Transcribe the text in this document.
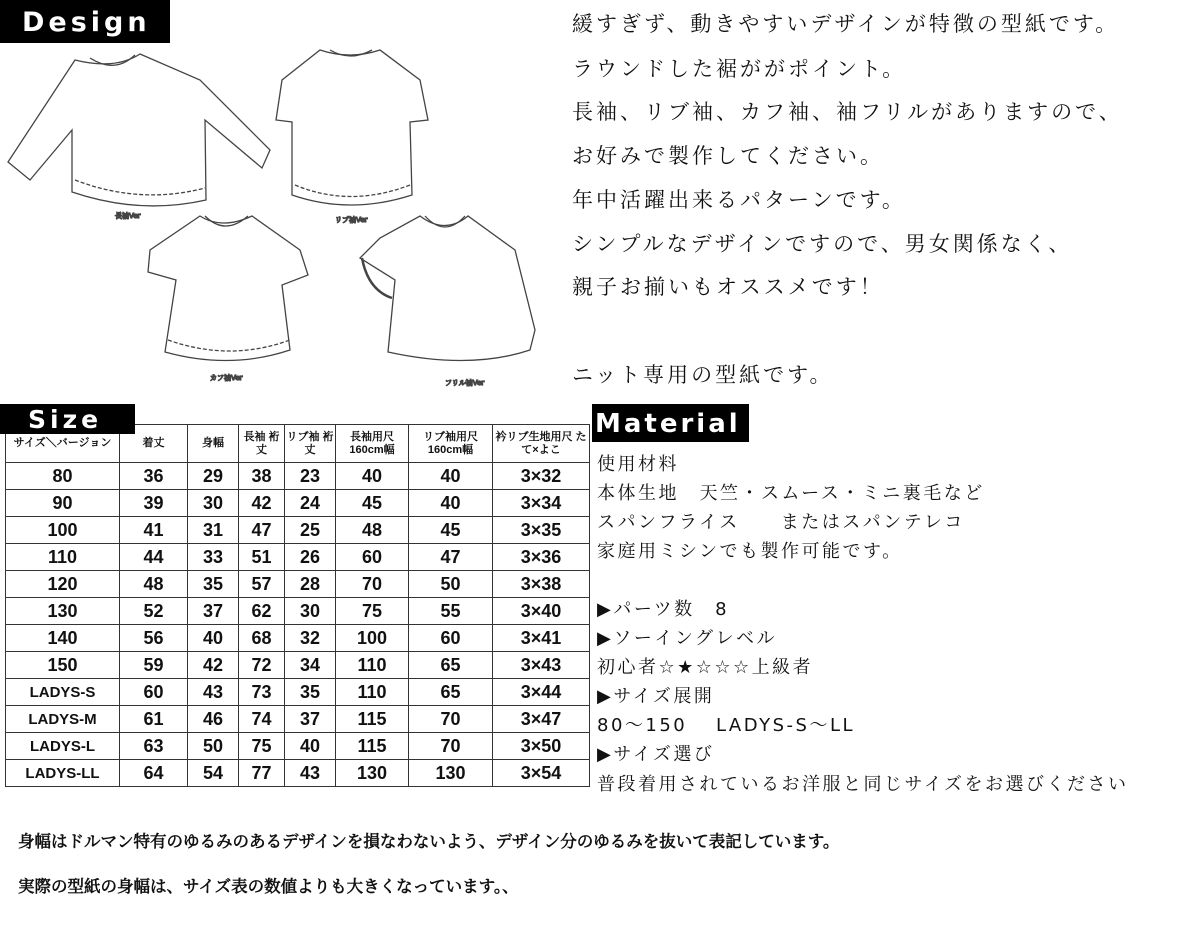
Design
長袖Ver	リブ袖Ver
カフ袖Ver
フリル袖Ver
緩すぎず、動きやすいデザインが特徴の型紙です。
ラウンドした裾ががポイント。
長袖、リブ袖、カフ袖、袖フリルがありますので、
お好みで製作してください。
年中活躍出来るパターンです。
シンプルなデザインですので、男女関係なく、
親子お揃いもオススメです！
ニット専用の型紙です。
Size
サイズ＼バージョン	着丈	身幅	長袖 裄丈	リブ袖 裄丈	長袖用尺 160cm幅	リブ袖用尺 160cm幅	衿リブ生地用尺 たて×よこ
80	36	29	38	23	40	40	3×32
90	39	30	42	24	45	40	3×34
100	41	31	47	25	48	45	3×35
110	44	33	51	26	60	47	3×36
120	48	35	57	28	70	50	3×38
130	52	37	62	30	75	55	3×40
140	56	40	68	32	100	60	3×41
150	59	42	72	34	110	65	3×43
LADYS-S	60	43	73	35	110	65	3×44
LADYS-M	61	46	74	37	115	70	3×47
LADYS-L	63	50	75	40	115	70	3×50
LADYS-LL	64	54	77	43	130	130	3×54
Material
使用材料
本体生地　天竺・スムース・ミニ裏毛など
スパンフライス　　またはスパンテレコ
家庭用ミシンでも製作可能です。
▶パーツ数　8
▶ソーイングレベル
初心者☆★☆☆☆上級者
▶サイズ展開
80～150　 LADYS-S～LL
▶サイズ選び
普段着用されているお洋服と同じサイズをお選びください
身幅はドルマン特有のゆるみのあるデザインを損なわないよう、デザイン分のゆるみを抜いて表記しています。
実際の型紙の身幅は、サイズ表の数値よりも大きくなっています。、
